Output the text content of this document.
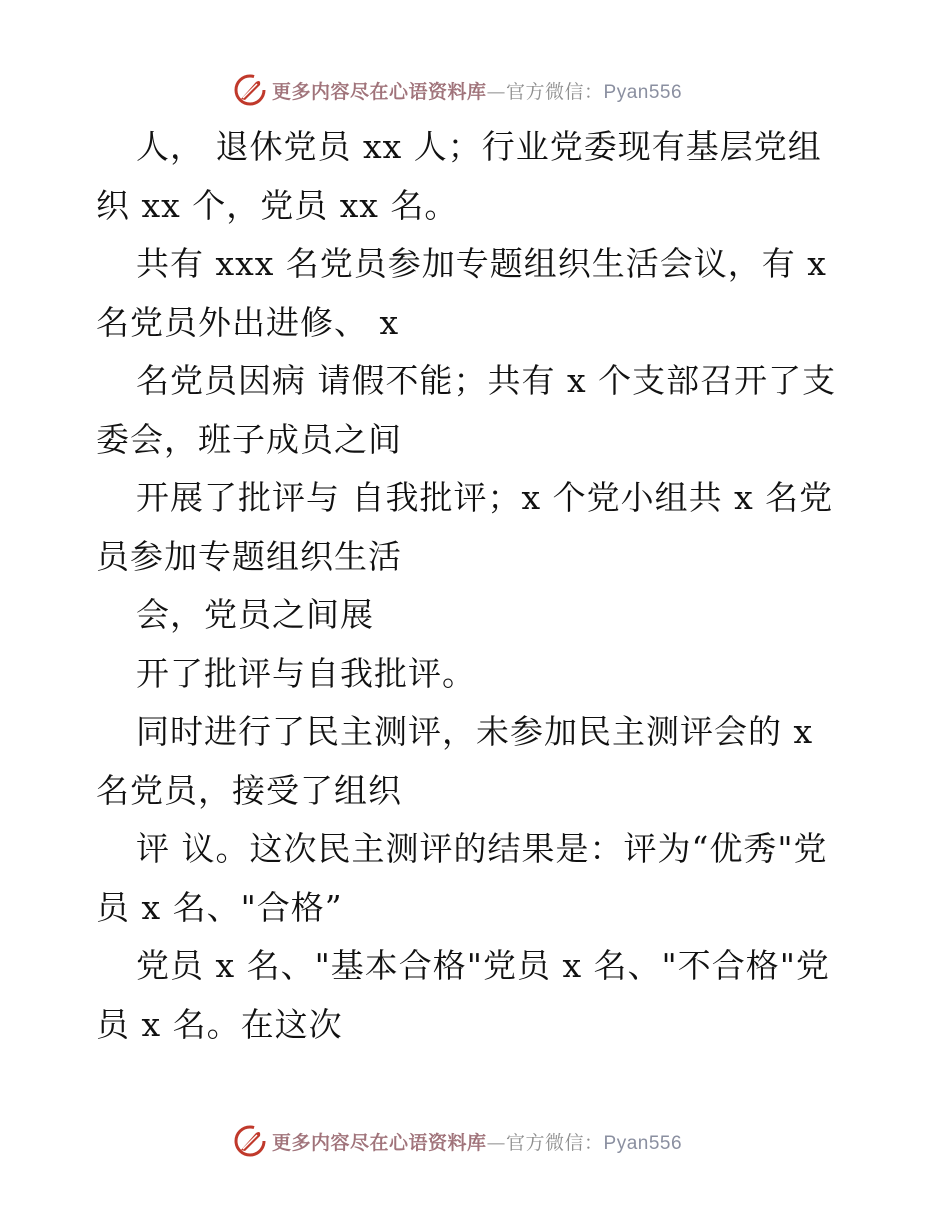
更多内容尽在心语资料库—官方微信：Pyan556
人， 退休党员 xx 人；行业党委现有基层党组
织 xx 个，党员 xx 名。
共有 xxx 名党员参加专题组织生活会议，有 x
名党员外出进修、 x
名党员因病 请假不能；共有 x 个支部召开了支
委会，班子成员之间
开展了批评与 自我批评；x 个党小组共 x 名党
员参加专题组织生活
会，党员之间展
开了批评与自我批评。
同时进行了民主测评，未参加民主测评会的 x
名党员，接受了组织
评 议。这次民主测评的结果是：评为“优秀"党
员 x 名、"合格”
党员 x 名、"基本合格"党员 x 名、"不合格"党
员 x 名。在这次
更多内容尽在心语资料库—官方微信：Pyan556
